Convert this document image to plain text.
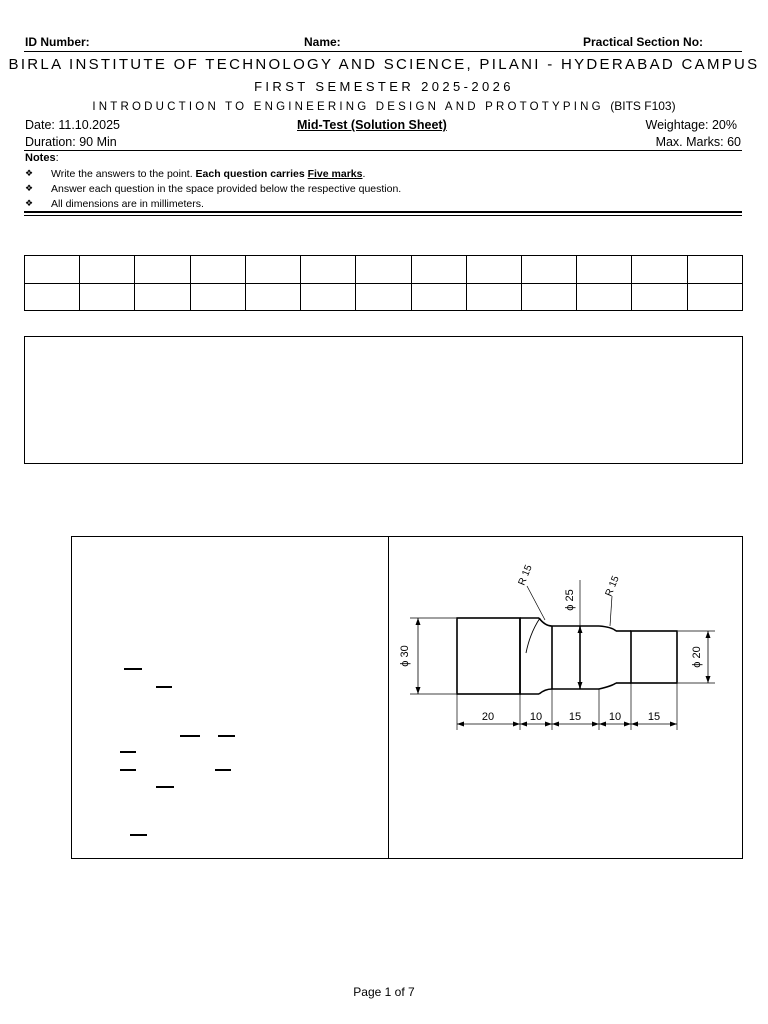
ID Number:	Name:	Practical Section No:
BIRLA INSTITUTE OF TECHNOLOGY AND SCIENCE, PILANI - HYDERABAD CAMPUS
FIRST SEMESTER 2025-2026
INTRODUCTION TO ENGINEERING DESIGN AND PROTOTYPING (BITS F103)
Date: 11.10.2025	Mid-Test (Solution Sheet)	Weightage: 20%
Duration: 90 Min	Max. Marks: 60
Notes:
❖ Write the answers to the point. Each question carries Five marks.
❖ Answer each question in the space provided below the respective question.
❖ All dimensions are in millimeters.

ϕ 30	ϕ 20
ϕ 25
R 15	R 15
20	10 15	10 15
Page 1 of 7
